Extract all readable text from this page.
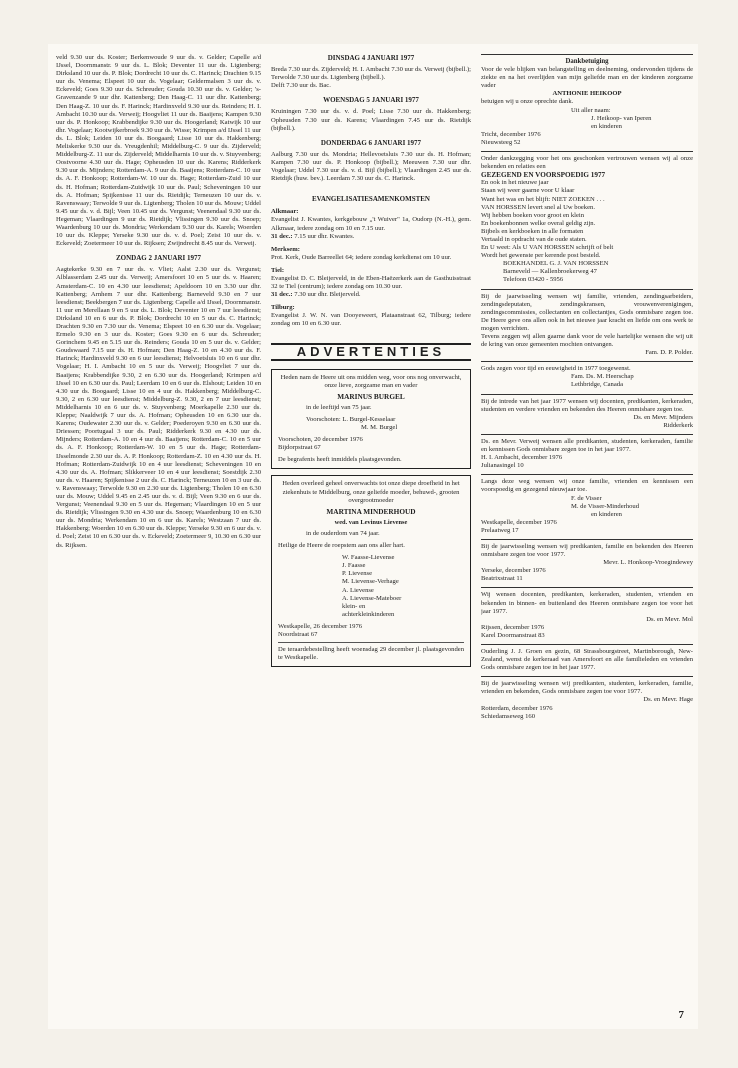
veld 9.30 uur ds. Koster; Berkenwoude 9 uur ds. v. Gelder; Capelle a/d IJssel, Doornmanstr. 9 uur ds. L. Blok; Deventer 11 uur ds. Ligtenberg; Dirksland 10 uur ds. P. Blok; Dordrecht 10 uur ds. C. Harinck; Drachten 9.15 uur ds. Venema; Elspeet 10 uur ds. Vogelaar; Geldermalsen 3 uur ds. v. Eckeveld; Goes 9.30 uur ds. Schreuder; Gouda 10.30 uur ds. v. Gelder; 's-Gravenzande 9 uur dhr. Kattenberg; Den Haag-C. 11 uur dhr. Kattenberg; Den Haag-Z. 10 uur ds. F. Harinck; Hardinxveld 9.30 uur ds. Reinders; H. I. Ambacht 10.30 uur ds. Verweij; Hoogvliet 11 uur ds. Baaijens; Kampen 9.30 uur ds. P. Honkoop; Krabbendijke 9.30 uur ds. Hoogerland; Katwijk 10 uur dhr. Vogelaar; Kootwijkerbroek 9.30 uur ds. Wisse; Krimpen a/d IJssel 11 uur ds. L. Blok; Leiden 10 uur ds. Boogaard; Lisse 10 uur ds. Hakkenberg; Meliskerke 9.30 uur ds. Vreugdenhil; Middelburg-C. 9 uur ds. Zijderveld; Middelburg-Z. 11 uur ds. Zijderveld; Middelharnis 10 uur ds. v. Stuyvenberg; Oostvoorne 4.30 uur ds. Hage; Opheusden 10 uur ds. Karens; Ridderkerk 9.30 uur ds. Mijnders; Rotterdam-A. 9 uur ds. Baaijens; Rotterdam-C. 10 uur ds. A. F. Honkoop; Rotterdam-W. 10 uur ds. Hage; Rotterdam-Zuid 10 uur ds. H. Hofman; Rotterdam-Zuidwijk 10 uur ds. Paul; Scheveningen 10 uur ds. A. Hofman; Spijkenisse 11 uur ds. Rietdijk; Terneuzen 10 uur ds. v. Ravenswaay; Terwolde 9 uur ds. Ligtenberg; Tholen 10 uur ds. Mouw; Uddel 9.45 uur ds. v. d. Bijl; Veen 10.45 uur ds. Vergunst; Veenendaal 9.30 uur ds. Hegeman; Vlaardingen 9 uur ds. Rietdijk; Vlissingen 9.30 uur ds. Snoep; Waardenburg 10 uur ds. Mondria; Werkendam 9.30 uur ds. Karels; Woerden 10 uur ds. Kleppe; Yerseke 9.30 uur ds. v. d. Poel; Zeist 10 uur ds. v. Eckeveld; Zoetermeer 10 uur ds. Rijksen; Zwijndrecht 8.45 uur ds. Verweij.

ZONDAG 2 JANUARI 1977

Aagtekerke 9.30 en 7 uur ds. v. Vliet; Aalst 2.30 uur ds. Vergunst; Alblasserdam 2.45 uur ds. Verweij; Amersfoort 10 en 5 uur ds. v. Haaren; Amsterdam-C. 10 en 4.30 uur leesdienst; Apeldoorn 10 en 3.30 uur dhr. Kattenberg; Arnhem 7 uur dhr. Kattenberg; Barneveld 9.30 en 7 uur leesdienst; Beekbergen 7 uur ds. Ligtenberg; Capelle a/d IJssel, Doornmanstr. 11 uur en Merellaan 9 en 5 uur ds. L. Blok; Deventer 10 en 7 uur leesdienst; Dirksland 10 en 6 uur ds. P. Blok; Dordrecht 10 en 5 uur ds. C. Harinck; Drachten 9.30 en 7.30 uur ds. Venema; Elspeet 10 en 6.30 uur ds. Vogelaar; Ermelo 9.30 en 3 uur ds. Koster; Goes 9.30 en 6 uur ds. Schreuder; Gorinchem 9.45 en 5.15 uur ds. Reinders; Gouda 10 en 5 uur ds. v. Gelder; Goudswaard 7.15 uur ds. H. Hofman; Den Haag-Z. 10 en 4.30 uur ds. F. Harinck; Hardinxveld 9.30 en 6 uur leesdienst; Helvoetsluis 10 en 6 uur dhr. Vogelaar; H. I. Ambacht 10 en 5 uur ds. Verweij; Hoogvliet 7 uur ds. Baaijens; Krabbendijke 9.30, 2 en 6.30 uur ds. Hoogerland; Krimpen a/d IJssel 10 en 6.30 uur ds. Paul; Leerdam 10 en 6 uur ds. Elshout; Leiden 10 en 4.30 uur ds. Boogaard; Lisse 10 en 4 uur ds. Hakkenberg; Middelburg-C. 9.30, 2 en 6.30 uur leesdienst; Middelburg-Z. 9.30, 2 en 7 uur leesdienst; Middelharnis 10 en 6 uur ds. v. Stuyvenberg; Moerkapelle 2.30 uur ds. Kleppe; Naaldwijk 7 uur ds. A. Hofman; Opheusden 10 en 6.30 uur ds. Karens; Oudewater 2.30 uur ds. v. Gelder; Poederoyen 9.30 en 6.30 uur ds. Driessen; Poortugaal 3 uur ds. Paul; Ridderkerk 9.30 en 4.30 uur ds. Mijnders; Rotterdam-A. 10 en 4 uur ds. Baaijens; Rotterdam-C. 10 en 5 uur ds. A. F. Honkoop; Rotterdam-W. 10 en 5 uur ds. Hage; Rotterdam-IJsselmonde 2.30 uur ds. A. P. Honkoop; Rotterdam-Z. 10 en 4.30 uur ds. H. Hofman; Rotterdam-Zuidwijk 10 en 4 uur leesdienst; Scheveningen 10 en 4.30 uur ds. A. Hofman; Slikkerveer 10 en 4 uur leesdienst; Soestdijk 2.30 uur ds. v. Haaren; Spijkenisse 2 uur ds. C. Harinck; Terneuzen 10 en 3 uur ds. v. Ravenswaay; Terwolde 9.30 en 2.30 uur ds. Ligtenberg; Tholen 10 en 6.30 uur ds. Mouw; Uddel 9.45 en 2.45 uur ds. v. d. Bijl; Veen 9.30 en 6 uur ds. Vergunst; Veenendaal 9.30 en 5 uur ds. Hegeman; Vlaardingen 10 en 5 uur ds. Rietdijk; Vlissingen 9.30 en 4.30 uur ds. Snoep; Waardenburg 10 en 6.30 uur ds. Mondria; Werkendam 10 en 6 uur ds. Karels; Westzaan 7 uur ds. Hakkenberg; Woerden 10 en 6.30 uur ds. Kleppe; Yerseke 9.30 en 6 uur ds. v. d. Poel; Zeist 10 en 6.30 uur ds. v. Eckeveld; Zoetermeer 9, 10.30 en 6.30 uur ds. Rijksen.

DINSDAG 4 JANUARI 1977

Breda 7.30 uur ds. Zijderveld; H. I. Ambacht 7.30 uur ds. Verweij (bijbell.); Terwolde 7.30 uur ds. Ligtenberg (bijbell.).

Delft 7.30 uur ds. Bac.

WOENSDAG 5 JANUARI 1977

Kruiningen 7.30 uur ds. v. d. Poel; Lisse 7.30 uur ds. Hakkenberg; Opheusden 7.30 uur ds. Karens; Vlaardingen 7.45 uur ds. Rietdijk (bijbell.).

DONDERDAG 6 JANUARI 1977

Aalburg 7.30 uur ds. Mondria; Hellevoetsluis 7.30 uur ds. H. Hofman; Kampen 7.30 uur ds. P. Honkoop (bijbell.); Meeuwen 7.30 uur dhr. Vogelaar; Uddel 7.30 uur ds. v. d. Bijl (bijbell.); Vlaardingen 2.45 uur ds. Rietdijk (huw. bev.). Leerdam 7.30 uur ds. C. Harinck.

EVANGELISATIESAMENKOMSTEN
Alkmaar:

Evangelist J. Kwantes, kerkgebouw „'t Wuiver" 1a, Oudorp (N.-H.), gem. Alkmaar, iedere zondag om 10 en 7.15 uur.

31 dec.: 7.15 uur dhr. Kwantes.

Merksem:

Prot. Kerk, Oude Barreellei 64; iedere zondag kerkdienst om 10 uur.

Tiel:

Evangelist D. C. Bleijerveld, in de Eben-Haëzerkerk aan de Gasthuisstraat 32 te Tiel (centrum); iedere zondag om 10.30 uur.

31 dec.: 7.30 uur dhr. Bleijerveld.

Tilburg:

Evangelist J. W. N. van Dooyeweert, Plataanstraat 62, Tilburg; iedere zondag om 10 en 6.30 uur.

ADVERTENTIES
Heden nam de Heere uit ons midden weg, voor ons nog onverwacht, onze lieve, zorgzame man en vader
MARINUS BURGEL
in de leeftijd van 75 jaar.
Voorschoten: L. Burgel-Kesselaar
M. M. Burgel
Voorschoten, 20 december 1976
Bijdorpstraat 67
De begrafenis heeft inmiddels plaatsgevonden.
Heden overleed geheel onverwachts tot onze diepe droefheid in het ziekenhuis te Middelburg, onze geliefde moeder, behuwd-, grooten overgrootmoeder
MARTINA MINDERHOUD
wed. van Levinus Lievense
in de ouderdom van 74 jaar.
Heilige de Heere de roepstem aan ons aller hart.
W. Faasse-Lievense
J. Faasse
P. Lievense
M. Lievense-Verhage
A. Lievense
A. Lievense-Mateboer
klein- en
achterkleinkinderen
Westkapelle, 26 december 1976
Noordstraat 67
De teraardebestelling heeft woensdag 29 december jl. plaatsgevonden te Westkapelle.
Dankbetuiging
Voor de vele blijken van belangstelling en deelneming, ondervonden tijdens de ziekte en na het overlijden van mijn geliefde man en der kinderen zorgzame vader
ANTHONIE HEIKOOP
betuigen wij u onze oprechte dank.
Uit aller naam:
J. Heikoop- van Iperen
en kinderen
Tricht, december 1976
Nieuwsteeg 52
Onder dankzegging voor het ons geschonken vertrouwen wensen wij al onze bekenden en relaties een
GEZEGEND EN VOORSPOEDIG 1977
En ook in het nieuwe jaar
Staan wij weer gaarne voor U klaar
Want het was en het blijft: NIET ZOEKEN . . .
VAN HORSSEN levert snel al Uw boeken.
Wij hebben boeken voor groot en klein
En boekenbonnen welke overal geldig zijn.
Bijbels en kerkboeken in alle formaten
Vertaald in opdracht van de oude staten.
En U weet: Als U VAN HORSSEN schrijft of belt
Wordt het gewenste per kerende post besteld.
BOEKHANDEL G. J. VAN HORSSEN
Barneveld — Kallenbroekerweg 47
Telefoon 03420 - 5956
Bij de jaarwisseling wensen wij familie, vrienden, zendingsarbeiders, zendingsdeputaten, zendingskransen, vrouwenverenigingen, zendingscommissies, collectanten en collectantjes, Gods onmisbare zegen toe. De Heere geve ons allen ook in het nieuwe jaar kracht en liefde om ons werk te mogen verrichten.
Tevens zeggen wij allen gaarne dank voor de vele hartelijke wensen die wij uit de kring van onze gemeenten mochten ontvangen.
Fam. D. P. Polder.
Gods zegen voor tijd en eeuwigheid in 1977 toegewenst.
Fam. Ds. M. Heerschap
Lethbridge, Canada
Bij de intrede van het jaar 1977 wensen wij docenten, predikanten, kerkeraden, studenten en verdere vrienden en bekenden des Heeren onmisbare zegen toe.
Ds. en Mevr. Mijnders
Ridderkerk
Ds. en Mevr. Verweij wensen alle predikanten, studenten, kerkeraden, familie en kennissen Gods onmisbare zegen toe in het jaar 1977.
H. I. Ambacht, december 1976
Julianasingel 10
Langs deze weg wensen wij onze familie, vrienden en kennissen een voorspoedig en gezegend nieuwjaar toe.
F. de Visser
M. de Visser-Minderhoud
en kinderen
Westkapelle, december 1976
Prelaatweg 17
Bij de jaarwisseling wensen wij predikanten, familie en bekenden des Heeren onmisbare zegen toe voor 1977.
Mevr. L. Honkoop-Vroegindewey
Yerseke, december 1976
Beatrixstraat 11
Wij wensen docenten, predikanten, kerkeraden, studenten, vrienden en bekenden in binnen- en buitenland des Heeren onmisbare zegen toe voor het jaar 1977.
Ds. en Mevr. Mol
Rijssen, december 1976
Karel Doormanstraat 83
Ouderling J. J. Groen en gezin, 68 Strassbourgstreet, Martinborough, New-Zealand, wenst de kerkeraad van Amersfoort en alle familieleden en vrienden Gods onmisbare zegen toe in het jaar 1977.
Bij de jaarwisseling wensen wij predikanten, studenten, kerkeraden, familie, vrienden en bekenden, Gods onmisbare zegen toe voor 1977.
Ds. en Mevr. Hage
Rotterdam, december 1976
Schiedamseweg 160
7
